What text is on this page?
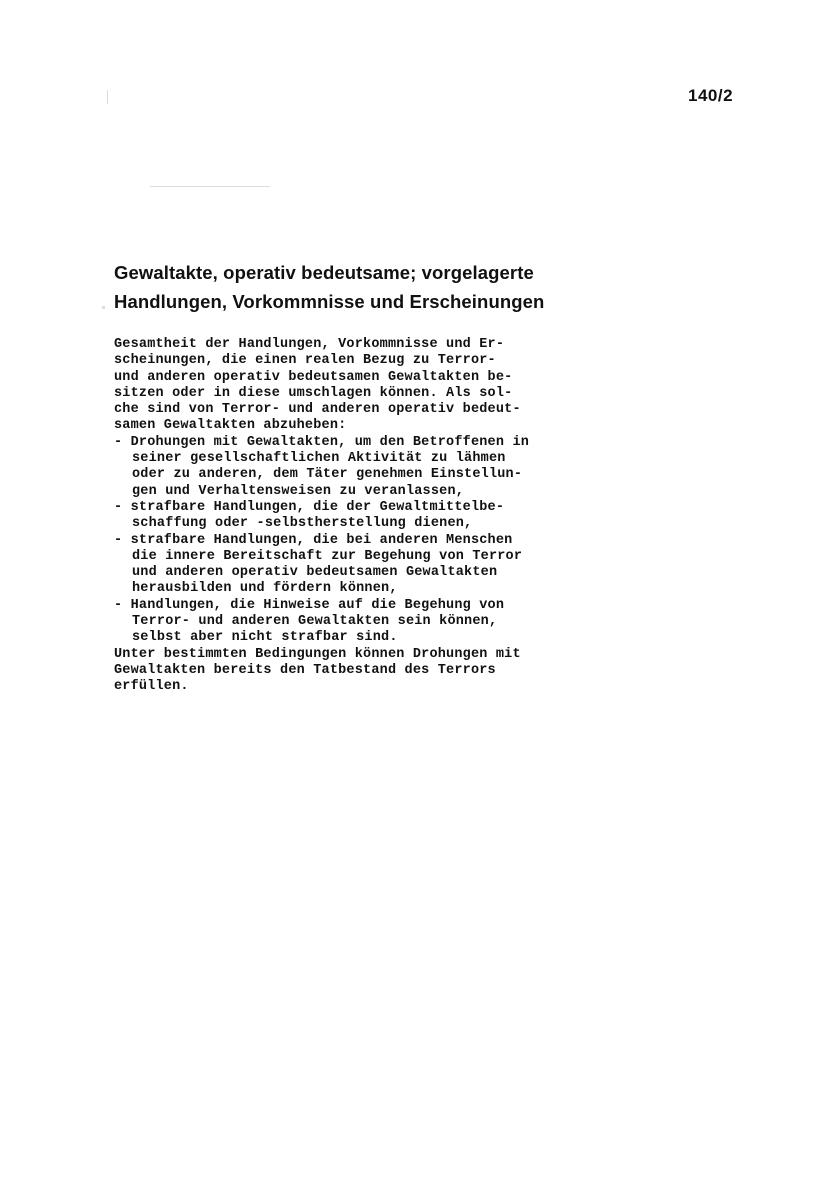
140/2
Gewaltakte, operativ bedeutsame; vorgelagerte
Handlungen, Vorkommnisse und Erscheinungen
Gesamtheit der Handlungen, Vorkommnisse und Er-
scheinungen, die einen realen Bezug zu Terror-
und anderen operativ bedeutsamen Gewaltakten be-
sitzen oder in diese umschlagen können. Als sol-
che sind von Terror- und anderen operativ bedeut-
samen Gewaltakten abzuheben:
- Drohungen mit Gewaltakten, um den Betroffenen in
seiner gesellschaftlichen Aktivität zu lähmen
oder zu anderen, dem Täter genehmen Einstellun-
gen und Verhaltensweisen zu veranlassen,
- strafbare Handlungen, die der Gewaltmittelbe-
schaffung oder -selbstherstellung dienen,
- strafbare Handlungen, die bei anderen Menschen
die innere Bereitschaft zur Begehung von Terror
und anderen operativ bedeutsamen Gewaltakten
herausbilden und fördern können,
- Handlungen, die Hinweise auf die Begehung von
Terror- und anderen Gewaltakten sein können,
selbst aber nicht strafbar sind.
Unter bestimmten Bedingungen können Drohungen mit
Gewaltakten bereits den Tatbestand des Terrors
erfüllen.
